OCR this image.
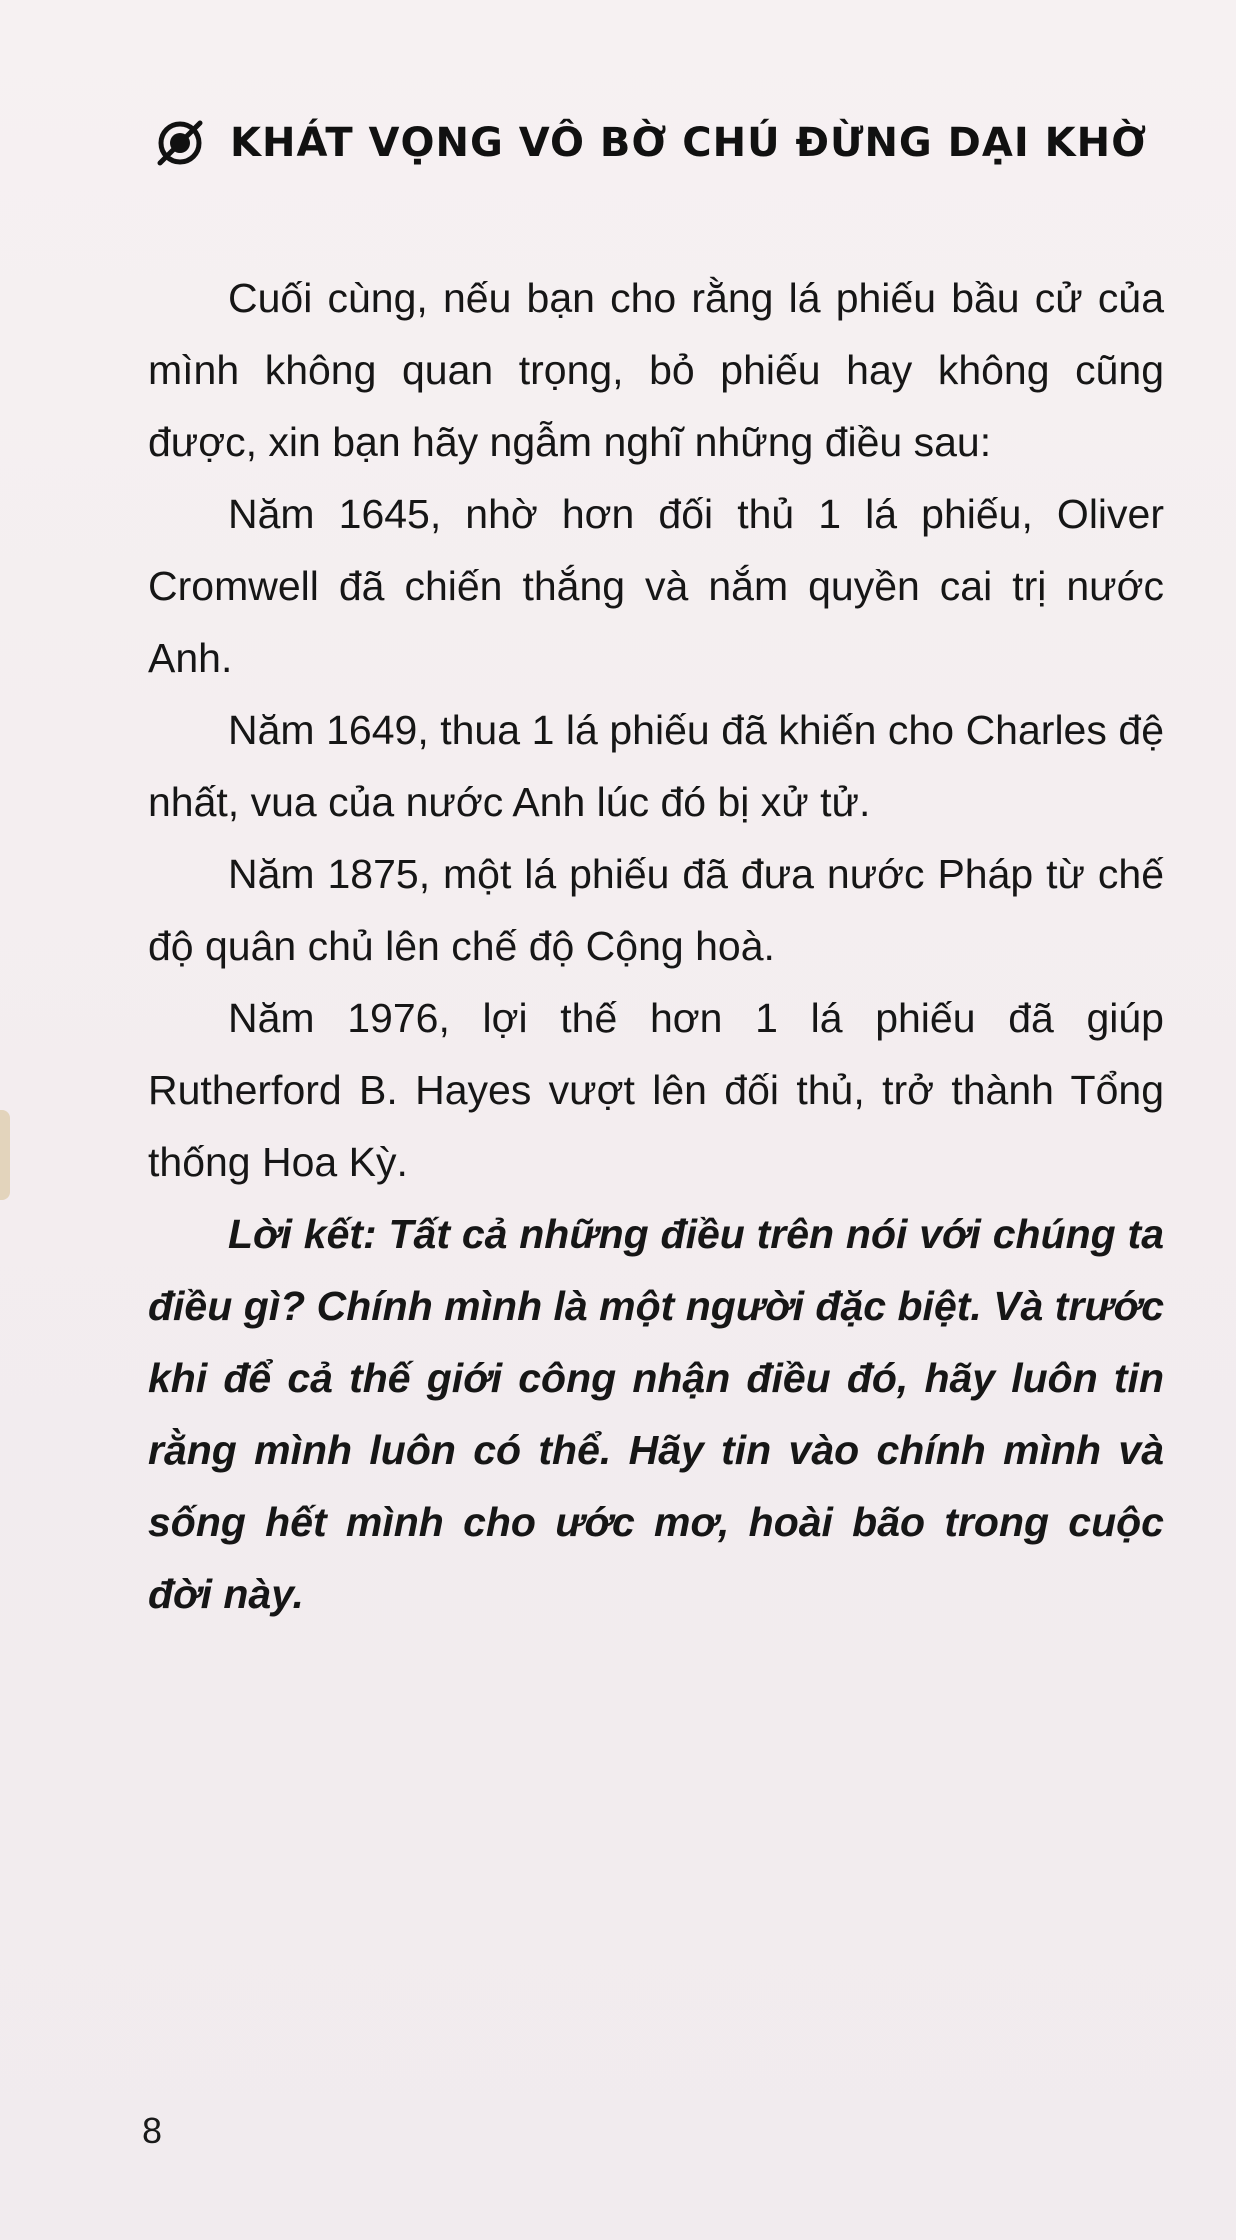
KHÁT VỌNG VÔ BỜ CHÚ ĐỪNG DẠI KHỜ

Cuối cùng, nếu bạn cho rằng lá phiếu bầu cử của mình không quan trọng, bỏ phiếu hay không cũng được, xin bạn hãy ngẫm nghĩ những điều sau:

Năm 1645, nhờ hơn đối thủ 1 lá phiếu, Oliver Cromwell đã chiến thắng và nắm quyền cai trị nước Anh.

Năm 1649, thua 1 lá phiếu đã khiến cho Charles đệ nhất, vua của nước Anh lúc đó bị xử tử.

Năm 1875, một lá phiếu đã đưa nước Pháp từ chế độ quân chủ lên chế độ Cộng hoà.

Năm 1976, lợi thế hơn 1 lá phiếu đã giúp Rutherford B. Hayes vượt lên đối thủ, trở thành Tổng thống Hoa Kỳ.

Lời kết: Tất cả những điều trên nói với chúng ta điều gì? Chính mình là một người đặc biệt. Và trước khi để cả thế giới công nhận điều đó, hãy luôn tin rằng mình luôn có thể. Hãy tin vào chính mình và sống hết mình cho ước mơ, hoài bão trong cuộc đời này.

8
